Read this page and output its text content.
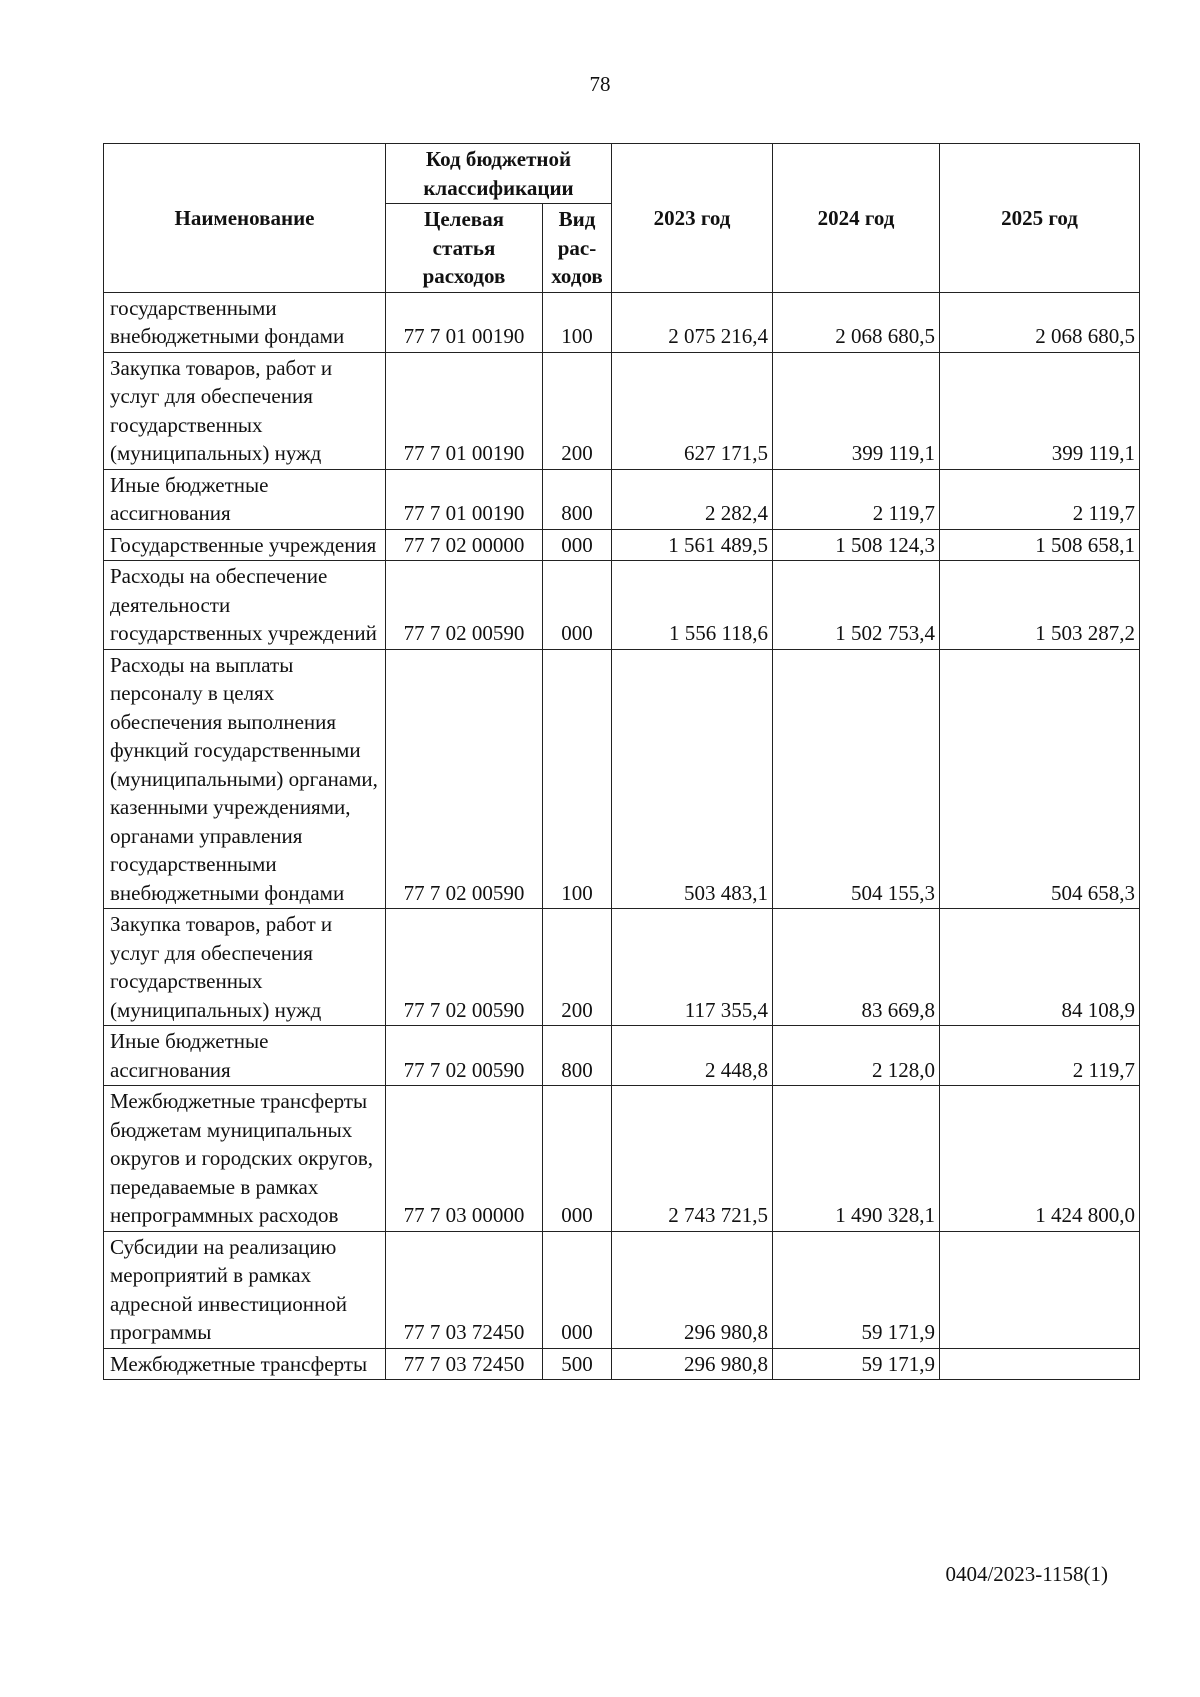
78
Наименование	Код бюджетной классификации		2023 год	2024 год	2025 год
	Целевая статья расходов	Вид рас-ходов			
государственными внебюджетными фондами	77 7 01 00190	100	2 075 216,4	2 068 680,5	2 068 680,5
Закупка товаров, работ и услуг для обеспечения государственных (муниципальных) нужд	77 7 01 00190	200	627 171,5	399 119,1	399 119,1
Иные бюджетные ассигнования	77 7 01 00190	800	2 282,4	2 119,7	2 119,7
Государственные учреждения	77 7 02 00000	000	1 561 489,5	1 508 124,3	1 508 658,1
Расходы на обеспечение деятельности государственных учреждений	77 7 02 00590	000	1 556 118,6	1 502 753,4	1 503 287,2
Расходы на выплаты персоналу в целях обеспечения выполнения функций государственными (муниципальными) органами, казенными учреждениями, органами управления государственными внебюджетными фондами	77 7 02 00590	100	503 483,1	504 155,3	504 658,3
Закупка товаров, работ и услуг для обеспечения государственных (муниципальных) нужд	77 7 02 00590	200	117 355,4	83 669,8	84 108,9
Иные бюджетные ассигнования	77 7 02 00590	800	2 448,8	2 128,0	2 119,7
Межбюджетные трансферты бюджетам муниципальных округов и городских округов, передаваемые в рамках непрограммных расходов	77 7 03 00000	000	2 743 721,5	1 490 328,1	1 424 800,0
Субсидии на реализацию мероприятий в рамках адресной инвестиционной программы	77 7 03 72450	000	296 980,8	59 171,9	
Межбюджетные трансферты	77 7 03 72450	500	296 980,8	59 171,9	
0404/2023-1158(1)
